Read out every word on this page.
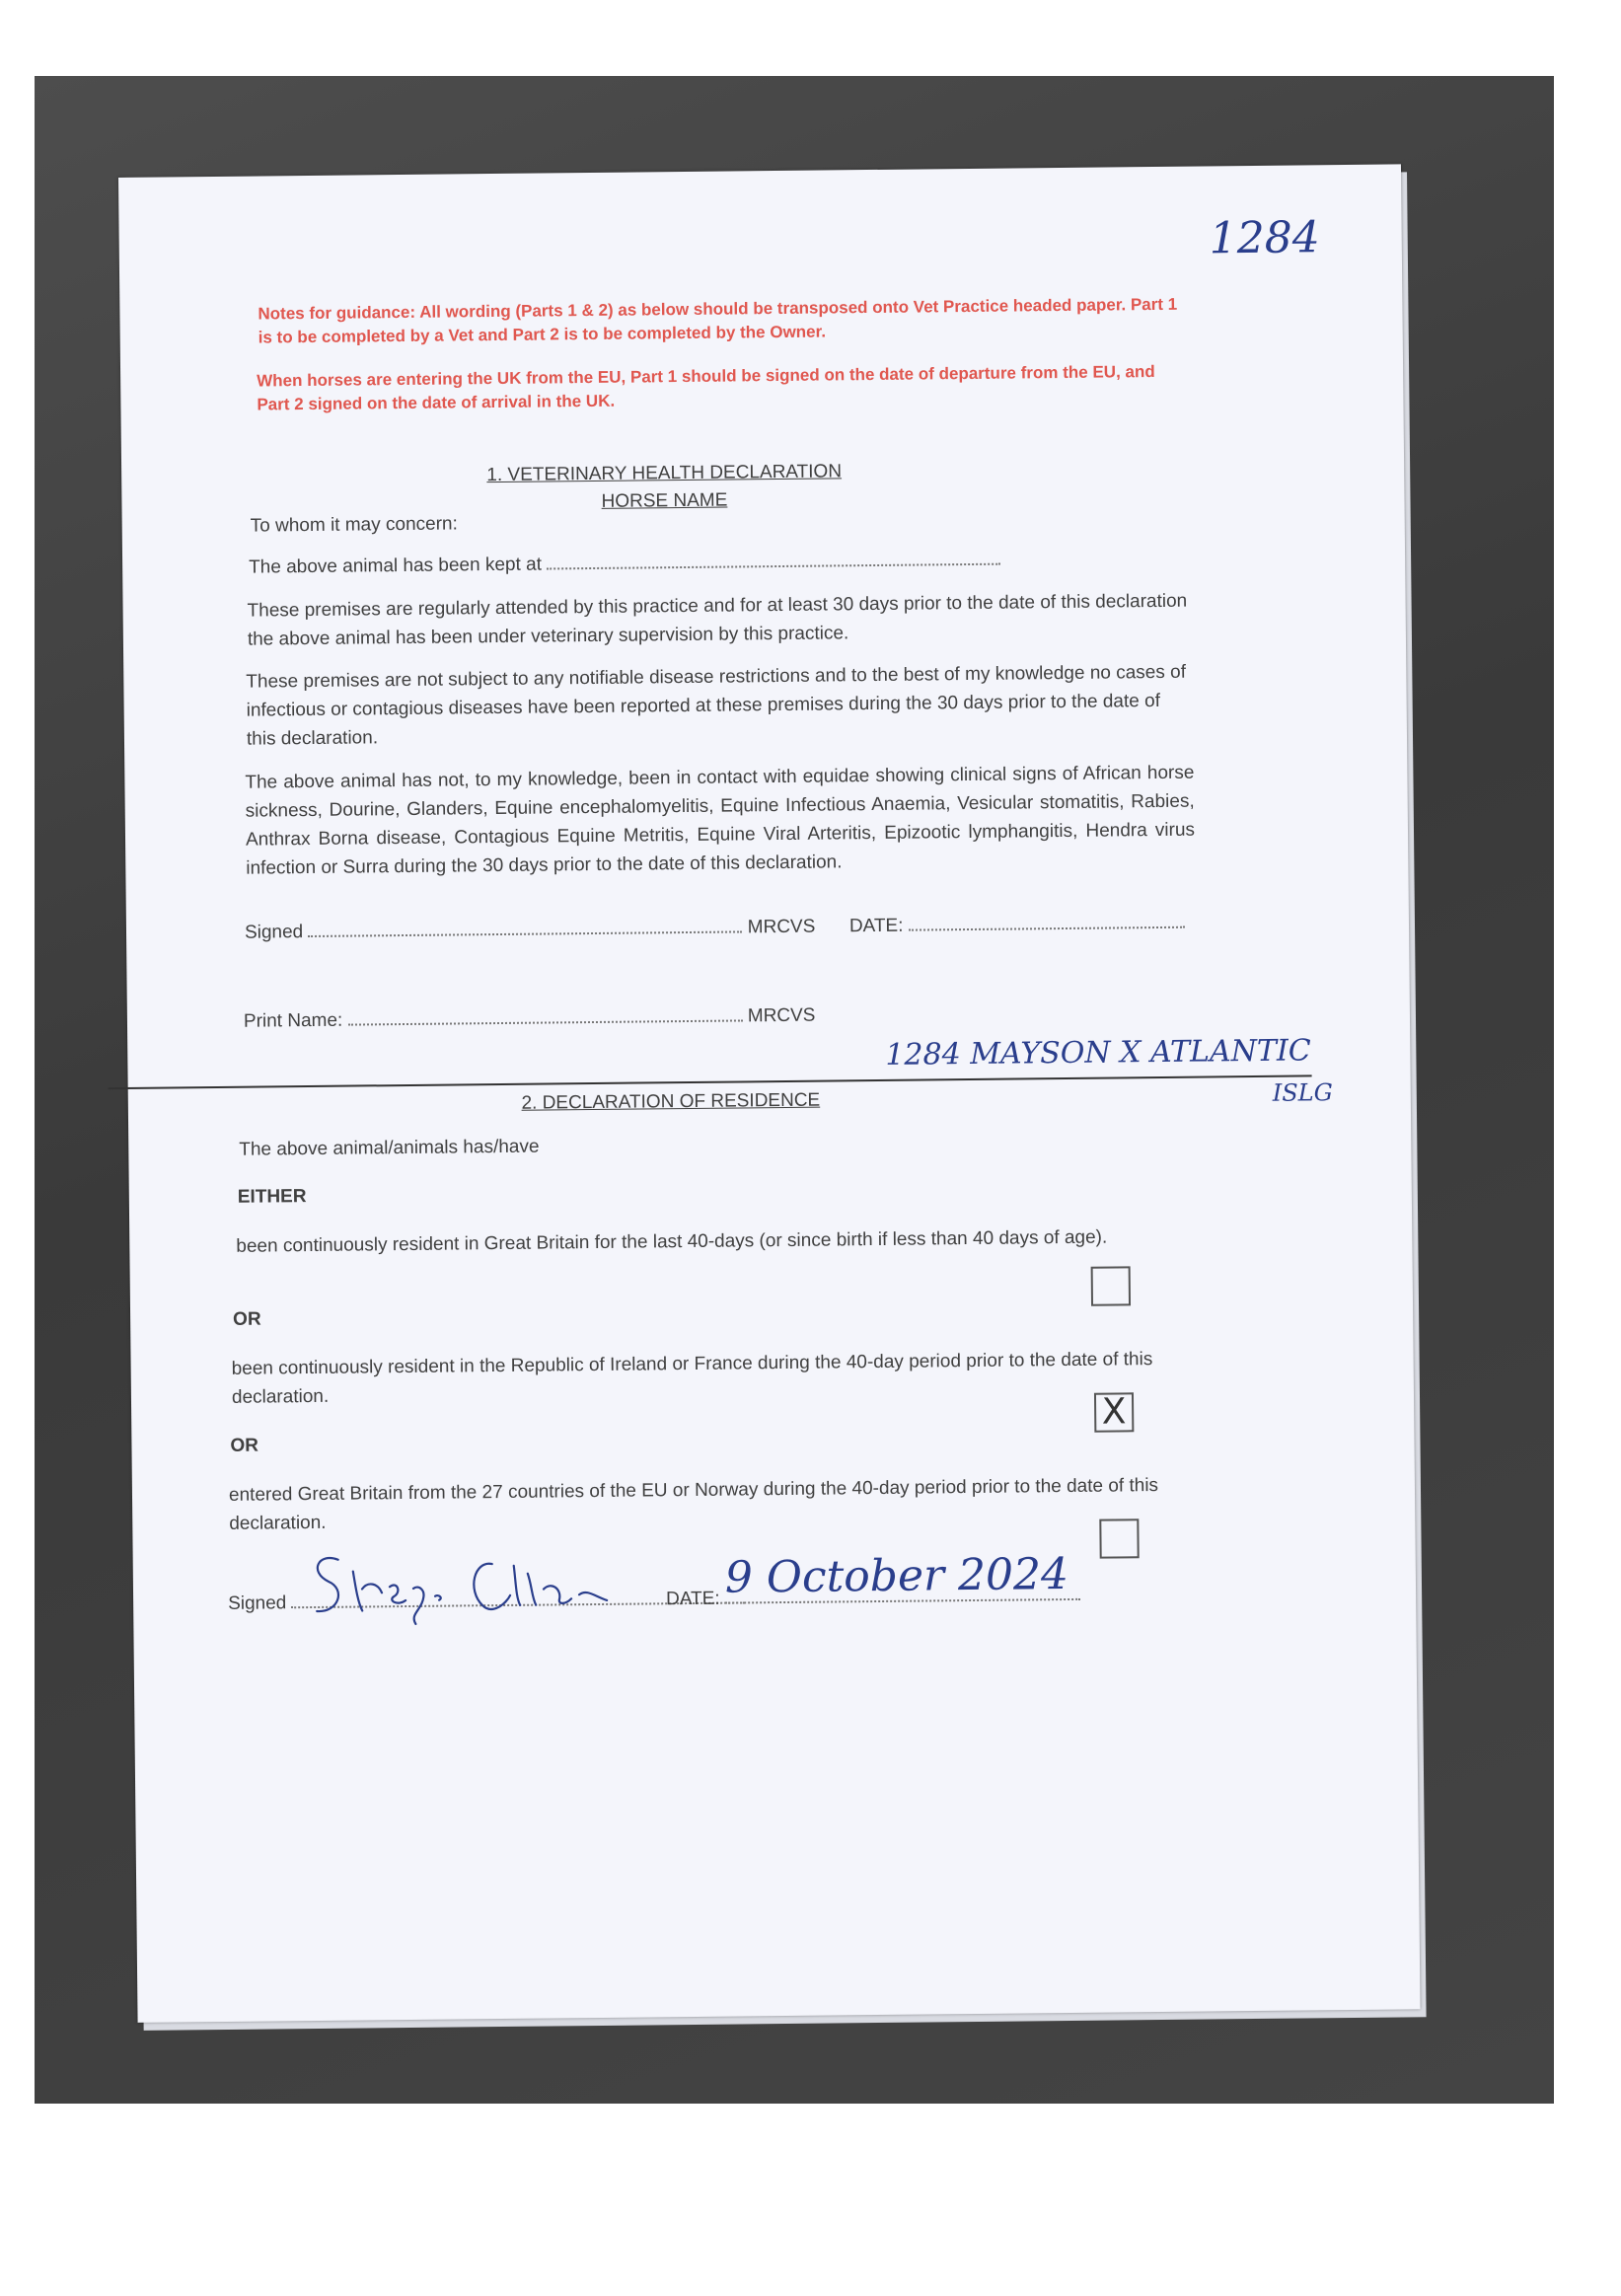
1284
Notes for guidance: All wording (Parts 1 & 2) as below should be transposed onto Vet Practice headed paper. Part 1 is to be completed by a Vet and Part 2 is to be completed by the Owner.
When horses are entering the UK from the EU, Part 1 should be signed on the date of departure from the EU, and Part 2 signed on the date of arrival in the UK.
1. VETERINARY HEALTH DECLARATION
HORSE NAME
To whom it may concern:
The above animal has been kept at
These premises are regularly attended by this practice and for at least 30 days prior to the date of this declaration the above animal has been under veterinary supervision by this practice.
These premises are not subject to any notifiable disease restrictions and to the best of my knowledge no cases of infectious or contagious diseases have been reported at these premises during the 30 days prior to the date of this declaration.
The above animal has not, to my knowledge, been in contact with equidae showing clinical signs of African horse sickness, Dourine, Glanders, Equine encephalomyelitis, Equine Infectious Anaemia, Vesicular stomatitis, Rabies, Anthrax Borna disease, Contagious Equine Metritis, Equine Viral Arteritis, Epizootic lymphangitis, Hendra virus infection or Surra during the 30 days prior to the date of this declaration.
Signed	MRCVS DATE:
Print Name:	MRCVS
1284 MAYSON X ATLANTIC
ISLG
2. DECLARATION OF RESIDENCE
The above animal/animals has/have
EITHER
been continuously resident in Great Britain for the last 40-days (or since birth if less than 40 days of age).
OR
been continuously resident in the Republic of Ireland or France during the 40-day period prior to the date of this declaration.	X
OR
entered Great Britain from the 27 countries of the EU or Norway during the 40-day period prior to the date of this declaration.
Signed	DATE: 9 October 2024
